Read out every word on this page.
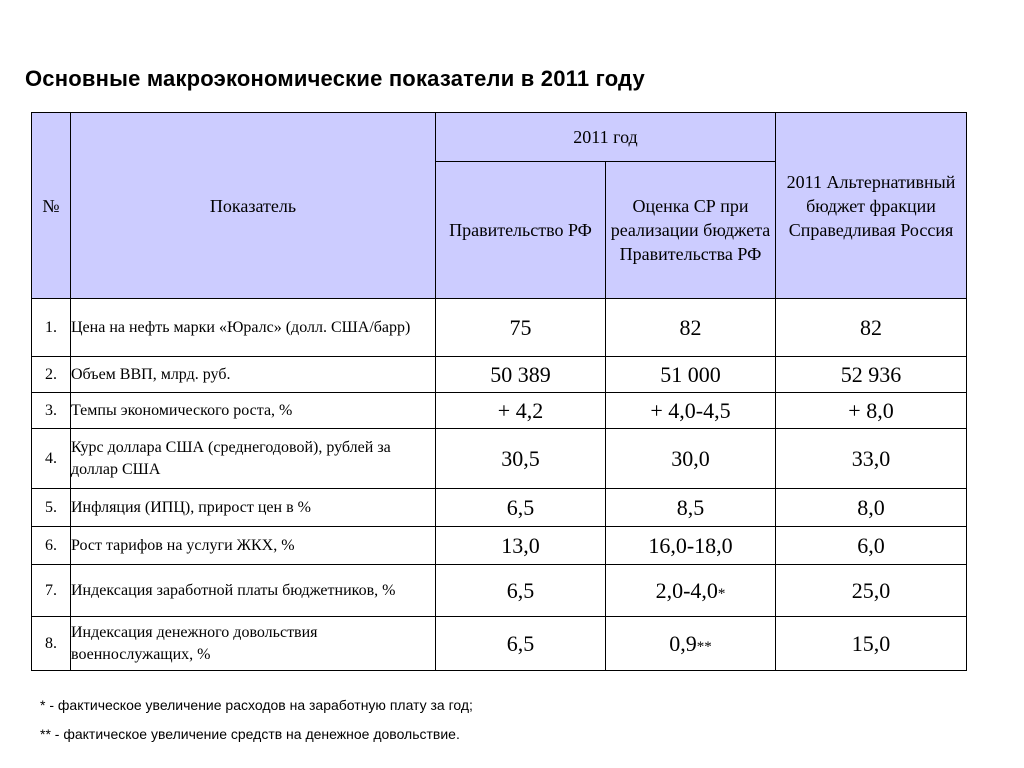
Основные макроэкономические показатели в 2011 году
№	Показатель	2011 год		2011 Альтернативный бюджет фракции Справедливая Россия
		Правительство РФ	Оценка СР при реализации бюджета Правительства РФ	
1.	Цена на нефть марки «Юралс» (долл. США/барр)	75	82	82
2.	Объем ВВП, млрд. руб.	50 389	51 000	52 936
3.	Темпы экономического роста, %	+ 4,2	+ 4,0-4,5	+ 8,0
4.	Курс доллара США (среднегодовой), рублей за доллар США	30,5	30,0	33,0
5.	Инфляция (ИПЦ), прирост цен в %	6,5	8,5	8,0
6.	Рост тарифов на услуги ЖКХ, %	13,0	16,0-18,0	6,0
7.	Индексация заработной платы бюджетников, %	6,5	2,0-4,0*	25,0
8.	Индексация денежного довольствия военнослужащих, %	6,5	0,9**	15,0
* - фактическое увеличение расходов на заработную плату за год;
** - фактическое увеличение средств на денежное довольствие.
